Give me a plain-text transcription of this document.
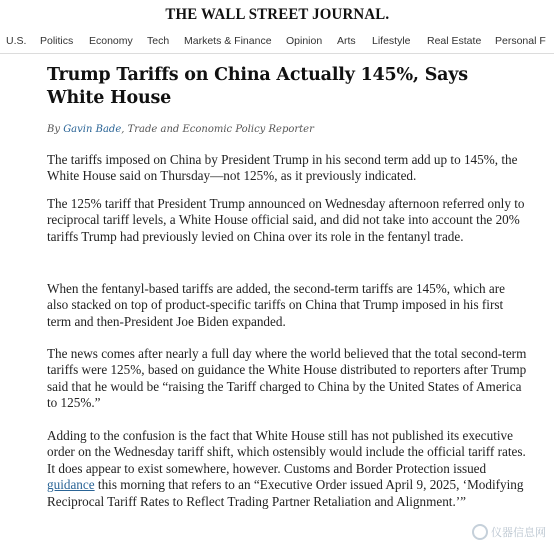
THE WALL STREET JOURNAL.
U.S. Politics Economy Tech Markets & Finance Opinion Arts Lifestyle Real Estate Personal F
Trump Tariffs on China Actually 145%, Says White House
By Gavin Bade, Trade and Economic Policy Reporter

The tariffs imposed on China by President Trump in his second term add up to 145%, the White House said on Thursday—not 125%, as it previously indicated.

The 125% tariff that President Trump announced on Wednesday afternoon referred only to reciprocal tariff levels, a White House official said, and did not take into account the 20% tariffs Trump had previously levied on China over its role in the fentanyl trade.

When the fentanyl-based tariffs are added, the second-term tariffs are 145%, which are also stacked on top of product-specific tariffs on China that Trump imposed in his first term and then-President Joe Biden expanded.

The news comes after nearly a full day where the world believed that the total second-term tariffs were 125%, based on guidance the White House distributed to reporters after Trump said that he would be “raising the Tariff charged to China by the United States of America to 125%.”

Adding to the confusion is the fact that White House still has not published its executive order on the Wednesday tariff shift, which ostensibly would include the official tariff rates. It does appear to exist somewhere, however. Customs and Border Protection issued guidance this morning that refers to an “Executive Order issued April 9, 2025, ‘Modifying Reciprocal Tariff Rates to Reflect Trading Partner Retaliation and Alignment.’”

仪器信息网
